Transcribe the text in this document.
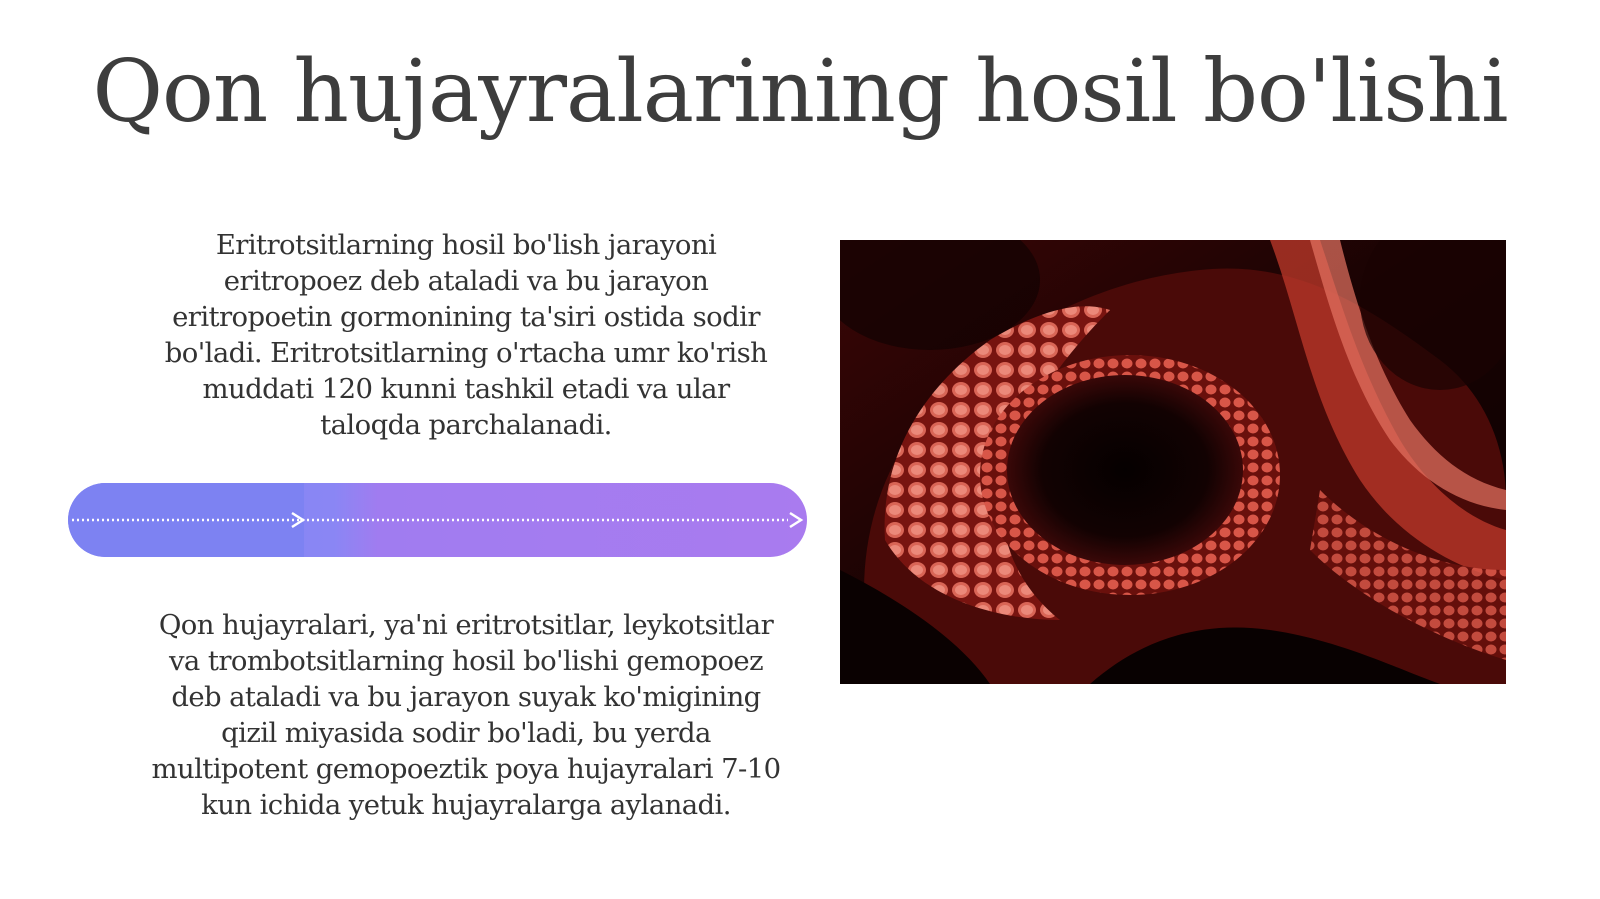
Qon hujayralarining hosil bo'lishi

Eritrotsitlarning hosil bo'lish jarayoni eritropoez deb ataladi va bu jarayon eritropoetin gormonining ta'siri ostida sodir bo'ladi. Eritrotsitlarning o'rtacha umr ko'rish muddati 120 kunni tashkil etadi va ular taloqda parchalanadi.

Qon hujayralari, ya'ni eritrotsitlar, leykotsitlar va trombotsitlarning hosil bo'lishi gemopoez deb ataladi va bu jarayon suyak ko'migining qizil miyasida sodir bo'ladi, bu yerda multipotent gemopoeztik poya hujayralari 7-10 kun ichida yetuk hujayralarga aylanadi.
